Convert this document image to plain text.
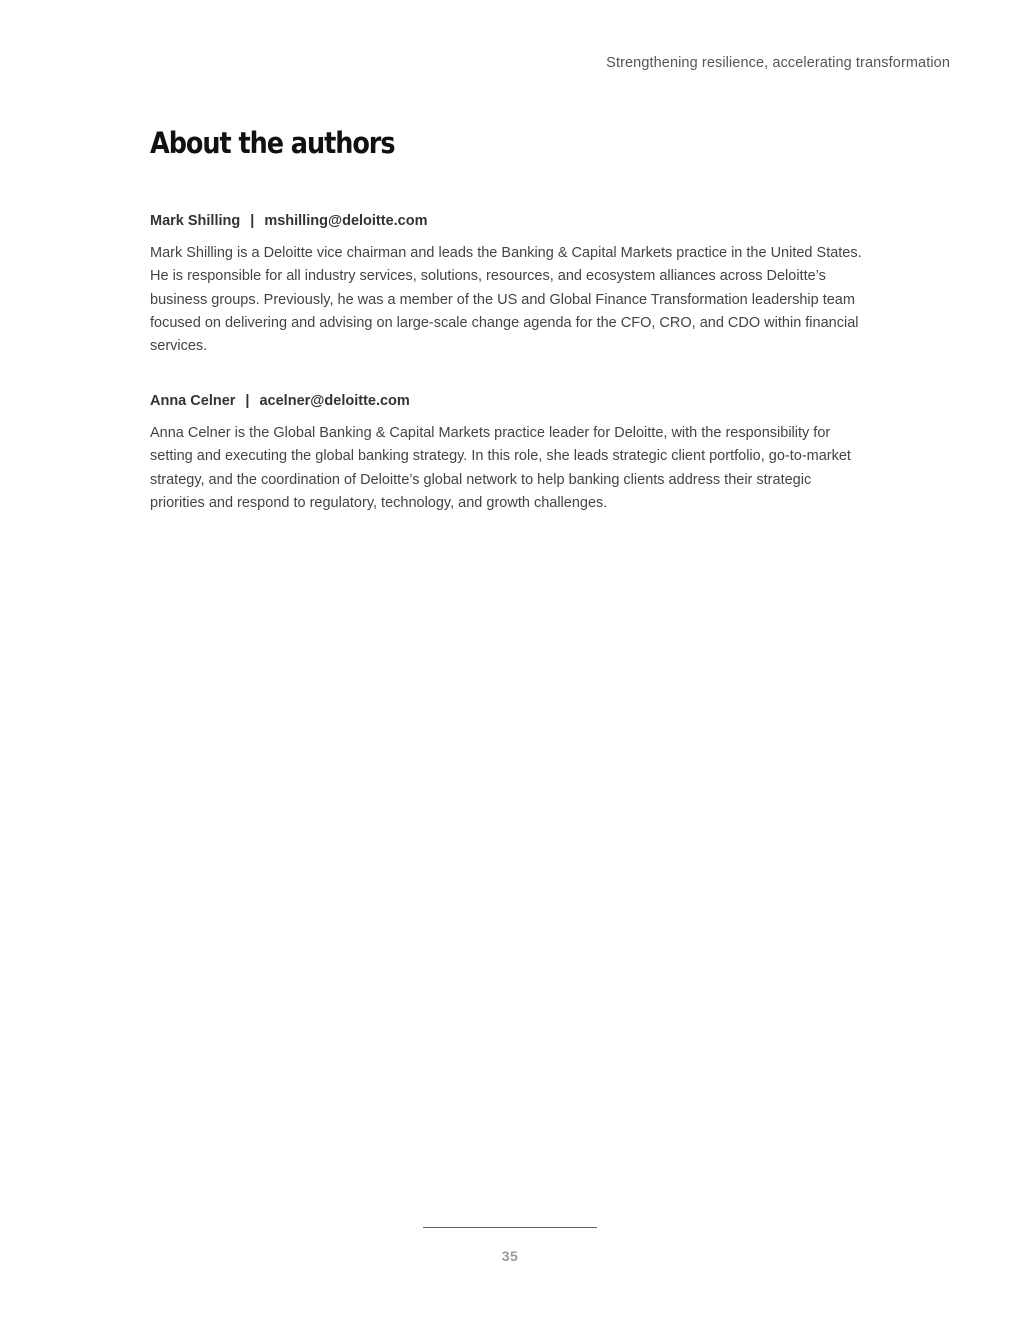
Strengthening resilience, accelerating transformation
About the authors
Mark Shilling | mshilling@deloitte.com
Mark Shilling is a Deloitte vice chairman and leads the Banking & Capital Markets practice in the United States. He is responsible for all industry services, solutions, resources, and ecosystem alliances across Deloitte’s business groups. Previously, he was a member of the US and Global Finance Transformation leadership team focused on delivering and advising on large-scale change agenda for the CFO, CRO, and CDO within financial services.
Anna Celner | acelner@deloitte.com
Anna Celner is the Global Banking & Capital Markets practice leader for Deloitte, with the responsibility for setting and executing the global banking strategy. In this role, she leads strategic client portfolio, go-to-market strategy, and the coordination of Deloitte’s global network to help banking clients address their strategic priorities and respond to regulatory, technology, and growth challenges.
35
